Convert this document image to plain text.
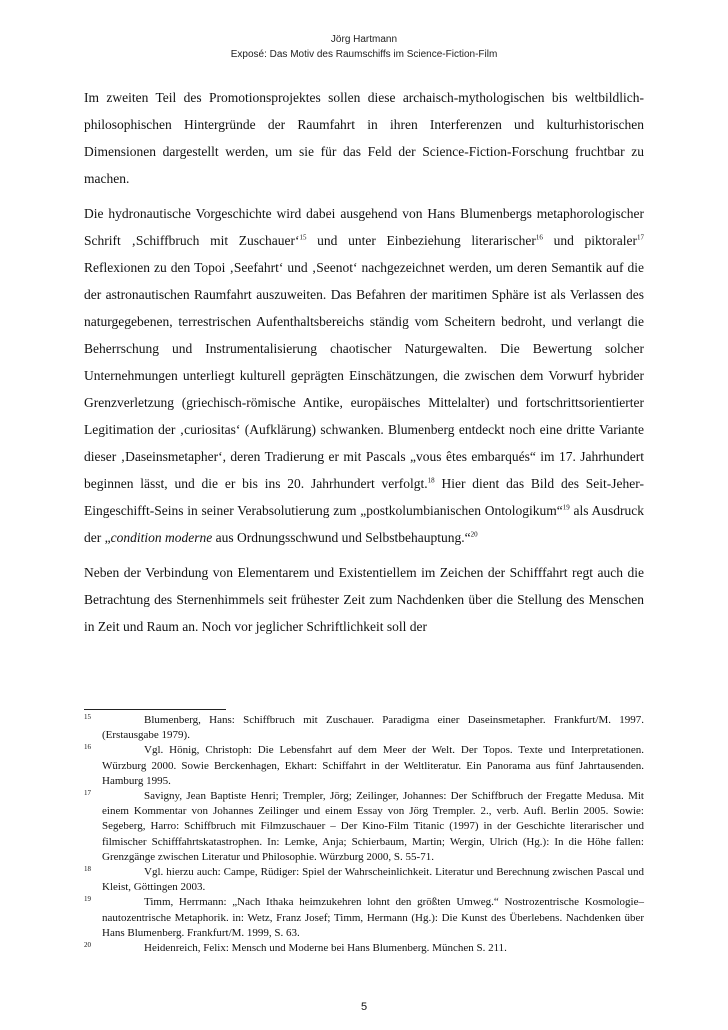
Jörg Hartmann
Exposé: Das Motiv des Raumschiffs im Science-Fiction-Film

Im zweiten Teil des Promotionsprojektes sollen diese archaisch-mythologischen bis weltbildlich-philosophischen Hintergründe der Raumfahrt in ihren Interferenzen und kulturhistorischen Dimensionen dargestellt werden, um sie für das Feld der Science-Fiction-Forschung fruchtbar zu machen.

Die hydronautische Vorgeschichte wird dabei ausgehend von Hans Blumenbergs metaphorologischer Schrift ‚Schiffbruch mit Zuschauer‘$^{15}$ und unter Einbeziehung literarischer$^{16}$ und piktoraler$^{17}$ Reflexionen zu den Topoi ‚Seefahrt‘ und ‚Seenot‘ nachgezeichnet werden, um deren Semantik auf die der astronautischen Raumfahrt auszuweiten. Das Befahren der maritimen Sphäre ist als Verlassen des naturgegebenen, terrestrischen Aufenthaltsbereichs ständig vom Scheitern bedroht, und verlangt die Beherrschung und Instrumentalisierung chaotischer Naturgewalten. Die Bewertung solcher Unternehmungen unterliegt kulturell geprägten Einschätzungen, die zwischen dem Vorwurf hybrider Grenzverletzung (griechisch-römische Antike, europäisches Mittelalter) und fortschrittsorientierter Legitimation der ‚curiositas‘ (Aufklärung) schwanken. Blumenberg entdeckt noch eine dritte Variante dieser ‚Daseinsmetapher‘, deren Tradierung er mit Pascals „vous êtes embarqués“ im 17. Jahrhundert beginnen lässt, und die er bis ins 20. Jahrhundert verfolgt.$^{18}$ Hier dient das Bild des Seit-Jeher-Eingeschifft-Seins in seiner Verabsolutierung zum „postkolumbianischen Ontologikum“$^{19}$ als Ausdruck der „condition moderne aus Ordnungsschwund und Selbstbehauptung.“$^{20}$

Neben der Verbindung von Elementarem und Existentiellem im Zeichen der Schifffahrt regt auch die Betrachtung des Sternenhimmels seit frühester Zeit zum Nachdenken über die Stellung des Menschen in Zeit und Raum an. Noch vor jeglicher Schriftlichkeit soll der

15	Blumenberg, Hans: Schiffbruch mit Zuschauer. Paradigma einer Daseinsmetapher. Frankfurt/M. 1997. (Erstausgabe 1979).
16	Vgl. Hönig, Christoph: Die Lebensfahrt auf dem Meer der Welt. Der Topos. Texte und Interpretationen. Würzburg 2000. Sowie Berckenhagen, Ekhart: Schiffahrt in der Weltliteratur. Ein Panorama aus fünf Jahrtausenden. Hamburg 1995.
17	Savigny, Jean Baptiste Henri; Trempler, Jörg; Zeilinger, Johannes: Der Schiffbruch der Fregatte Medusa. Mit einem Kommentar von Johannes Zeilinger und einem Essay von Jörg Trempler. 2., verb. Aufl. Berlin 2005. Sowie: Segeberg, Harro: Schiffbruch mit Filmzuschauer – Der Kino-Film Titanic (1997) in der Geschichte literarischer und filmischer Schifffahrtskatastrophen. In: Lemke, Anja; Schierbaum, Martin; Wergin, Ulrich (Hg.): In die Höhe fallen: Grenzgänge zwischen Literatur und Philosophie. Würzburg 2000, S. 55-71.
18	Vgl. hierzu auch: Campe, Rüdiger: Spiel der Wahrscheinlichkeit. Literatur und Berechnung zwischen Pascal und Kleist, Göttingen 2003.
19	Timm, Herrmann: „Nach Ithaka heimzukehren lohnt den größten Umweg.“ Nostrozentrische Kosmologie– nautozentrische Metaphorik. in: Wetz, Franz Josef; Timm, Hermann (Hg.): Die Kunst des Überlebens. Nachdenken über Hans Blumenberg. Frankfurt/M. 1999, S. 63.
20	Heidenreich, Felix: Mensch und Moderne bei Hans Blumenberg. München S. 211.
5
